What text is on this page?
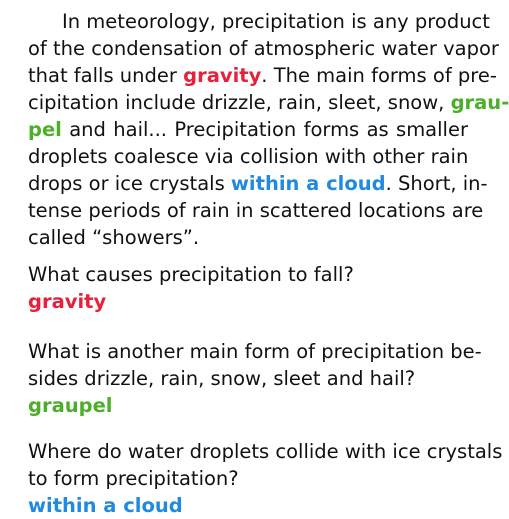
In meteorology, precipitation is any product
of the condensation of atmospheric water vapor
that falls under gravity. The main forms of pre-
cipitation include drizzle, rain, sleet, snow, grau-
pel and hail... Precipitation forms as smaller
droplets coalesce via collision with other rain
drops or ice crystals within a cloud. Short, in-
tense periods of rain in scattered locations are
called “showers”.
What causes precipitation to fall?
gravity
What is another main form of precipitation be-
sides drizzle, rain, snow, sleet and hail?
graupel
Where do water droplets collide with ice crystals
to form precipitation?
within a cloud
